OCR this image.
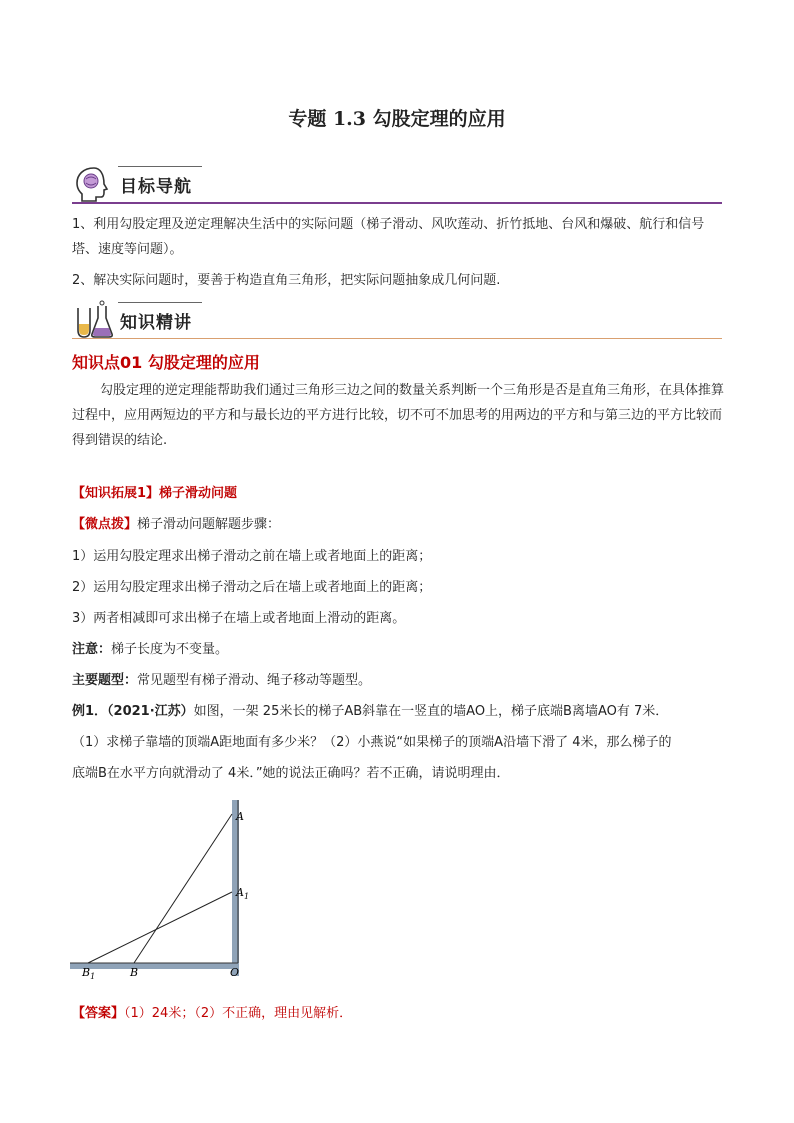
专题 1.3 勾股定理的应用
目标导航
1、利用勾股定理及逆定理解决生活中的实际问题（梯子滑动、风吹莲动、折竹抵地、台风和爆破、航行和信号塔、速度等问题）。
2、解决实际问题时，要善于构造直角三角形，把实际问题抽象成几何问题.
知识精讲
知识点01 勾股定理的应用
勾股定理的逆定理能帮助我们通过三角形三边之间的数量关系判断一个三角形是否是直角三角形，在具体推算过程中，应用两短边的平方和与最长边的平方进行比较，切不可不加思考的用两边的平方和与第三边的平方比较而得到错误的结论.
【知识拓展1】梯子滑动问题
【微点拨】梯子滑动问题解题步骤：
1）运用勾股定理求出梯子滑动之前在墙上或者地面上的距离；
2）运用勾股定理求出梯子滑动之后在墙上或者地面上的距离；
3）两者相减即可求出梯子在墙上或者地面上滑动的距离。
注意：梯子长度为不变量。
主要题型：常见题型有梯子滑动、绳子移动等题型。
例1．（2021·江苏）如图，一架 25米长的梯子AB斜靠在一竖直的墙AO上，梯子底端B离墙AO有 7米．
（1）求梯子靠墙的顶端A距地面有多少米？（2）小燕说“如果梯子的顶端A沿墙下滑了 4米，那么梯子的
底端B在水平方向就滑动了 4米．”她的说法正确吗？若不正确，请说明理由．
A
$A_1$
B
$B_1$	O
【答案】（1）24米；（2）不正确，理由见解析．
